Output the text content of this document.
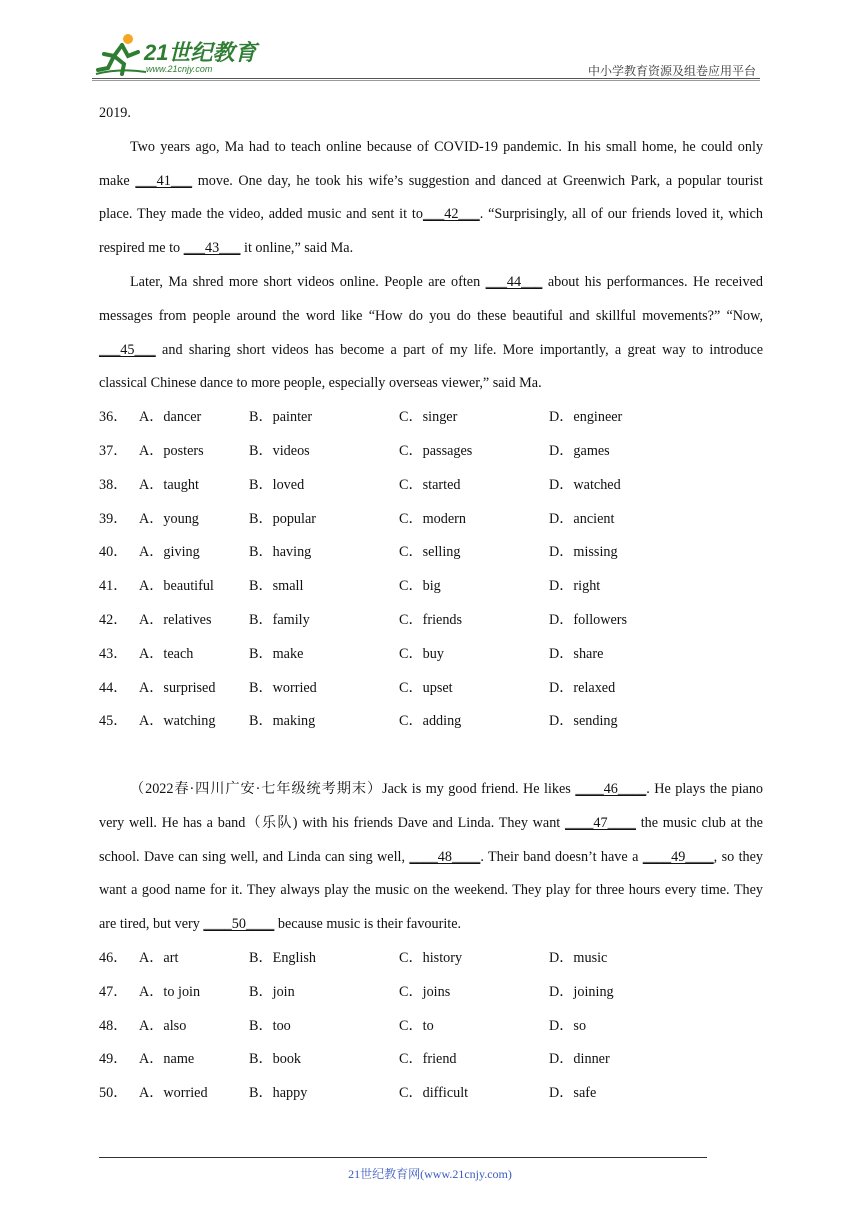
21世纪教育
www.21cnjy.com	中小学教育资源及组卷应用平台

2019.

Two years ago, Ma had to teach online because of COVID-19 pandemic. In his small home, he could only make ___41___ move. One day, he took his wife’s suggestion and danced at Greenwich Park, a popular tourist place. They made the video, added music and sent it to___42___. “Surprisingly, all of our friends loved it, which respired me to ___43___ it online,” said Ma.

Later, Ma shred more short videos online. People are often ___44___ about his performances. He received messages from people around the word like “How do you do these beautiful and skillful movements?” “Now, ___45___ and sharing short videos has become a part of my life. More importantly, a great way to introduce classical Chinese dance to more people, especially overseas viewer,” said Ma.

36． A．dancer	B．painter	C．singer	D．engineer
37． A．posters	B．videos	C．passages	D．games
38． A．taught	B．loved	C．started	D．watched
39． A．young	B．popular	C．modern	D．ancient
40． A．giving	B．having	C．selling	D．missing
41． A．beautiful	B．small	C．big	D．right
42． A．relatives	B．family	C．friends	D．followers
43． A．teach	B．make	C．buy	D．share
44． A．surprised	B．worried	C．upset	D．relaxed
45． A．watching	B．making	C．adding	D．sending

（2022春·四川广安·七年级统考期末）Jack is my good friend. He likes ____46____. He plays the piano very well. He has a band（乐队) with his friends Dave and Linda. They want ____47____ the music club at the school. Dave can sing well, and Linda can sing well, ____48____. Their band doesn’t have a ____49____, so they want a good name for it. They always play the music on the weekend. They play for three hours every time. They are tired, but very ____50____ because music is their favourite.

46． A．art	B．English	C．history	D．music
47． A．to join	B．join	C．joins	D．joining
48． A．also	B．too	C．to	D．so
49． A．name	B．book	C．friend	D．dinner
50． A．worried	B．happy	C．difficult	D．safe
21世纪教育网(www.21cnjy.com)
